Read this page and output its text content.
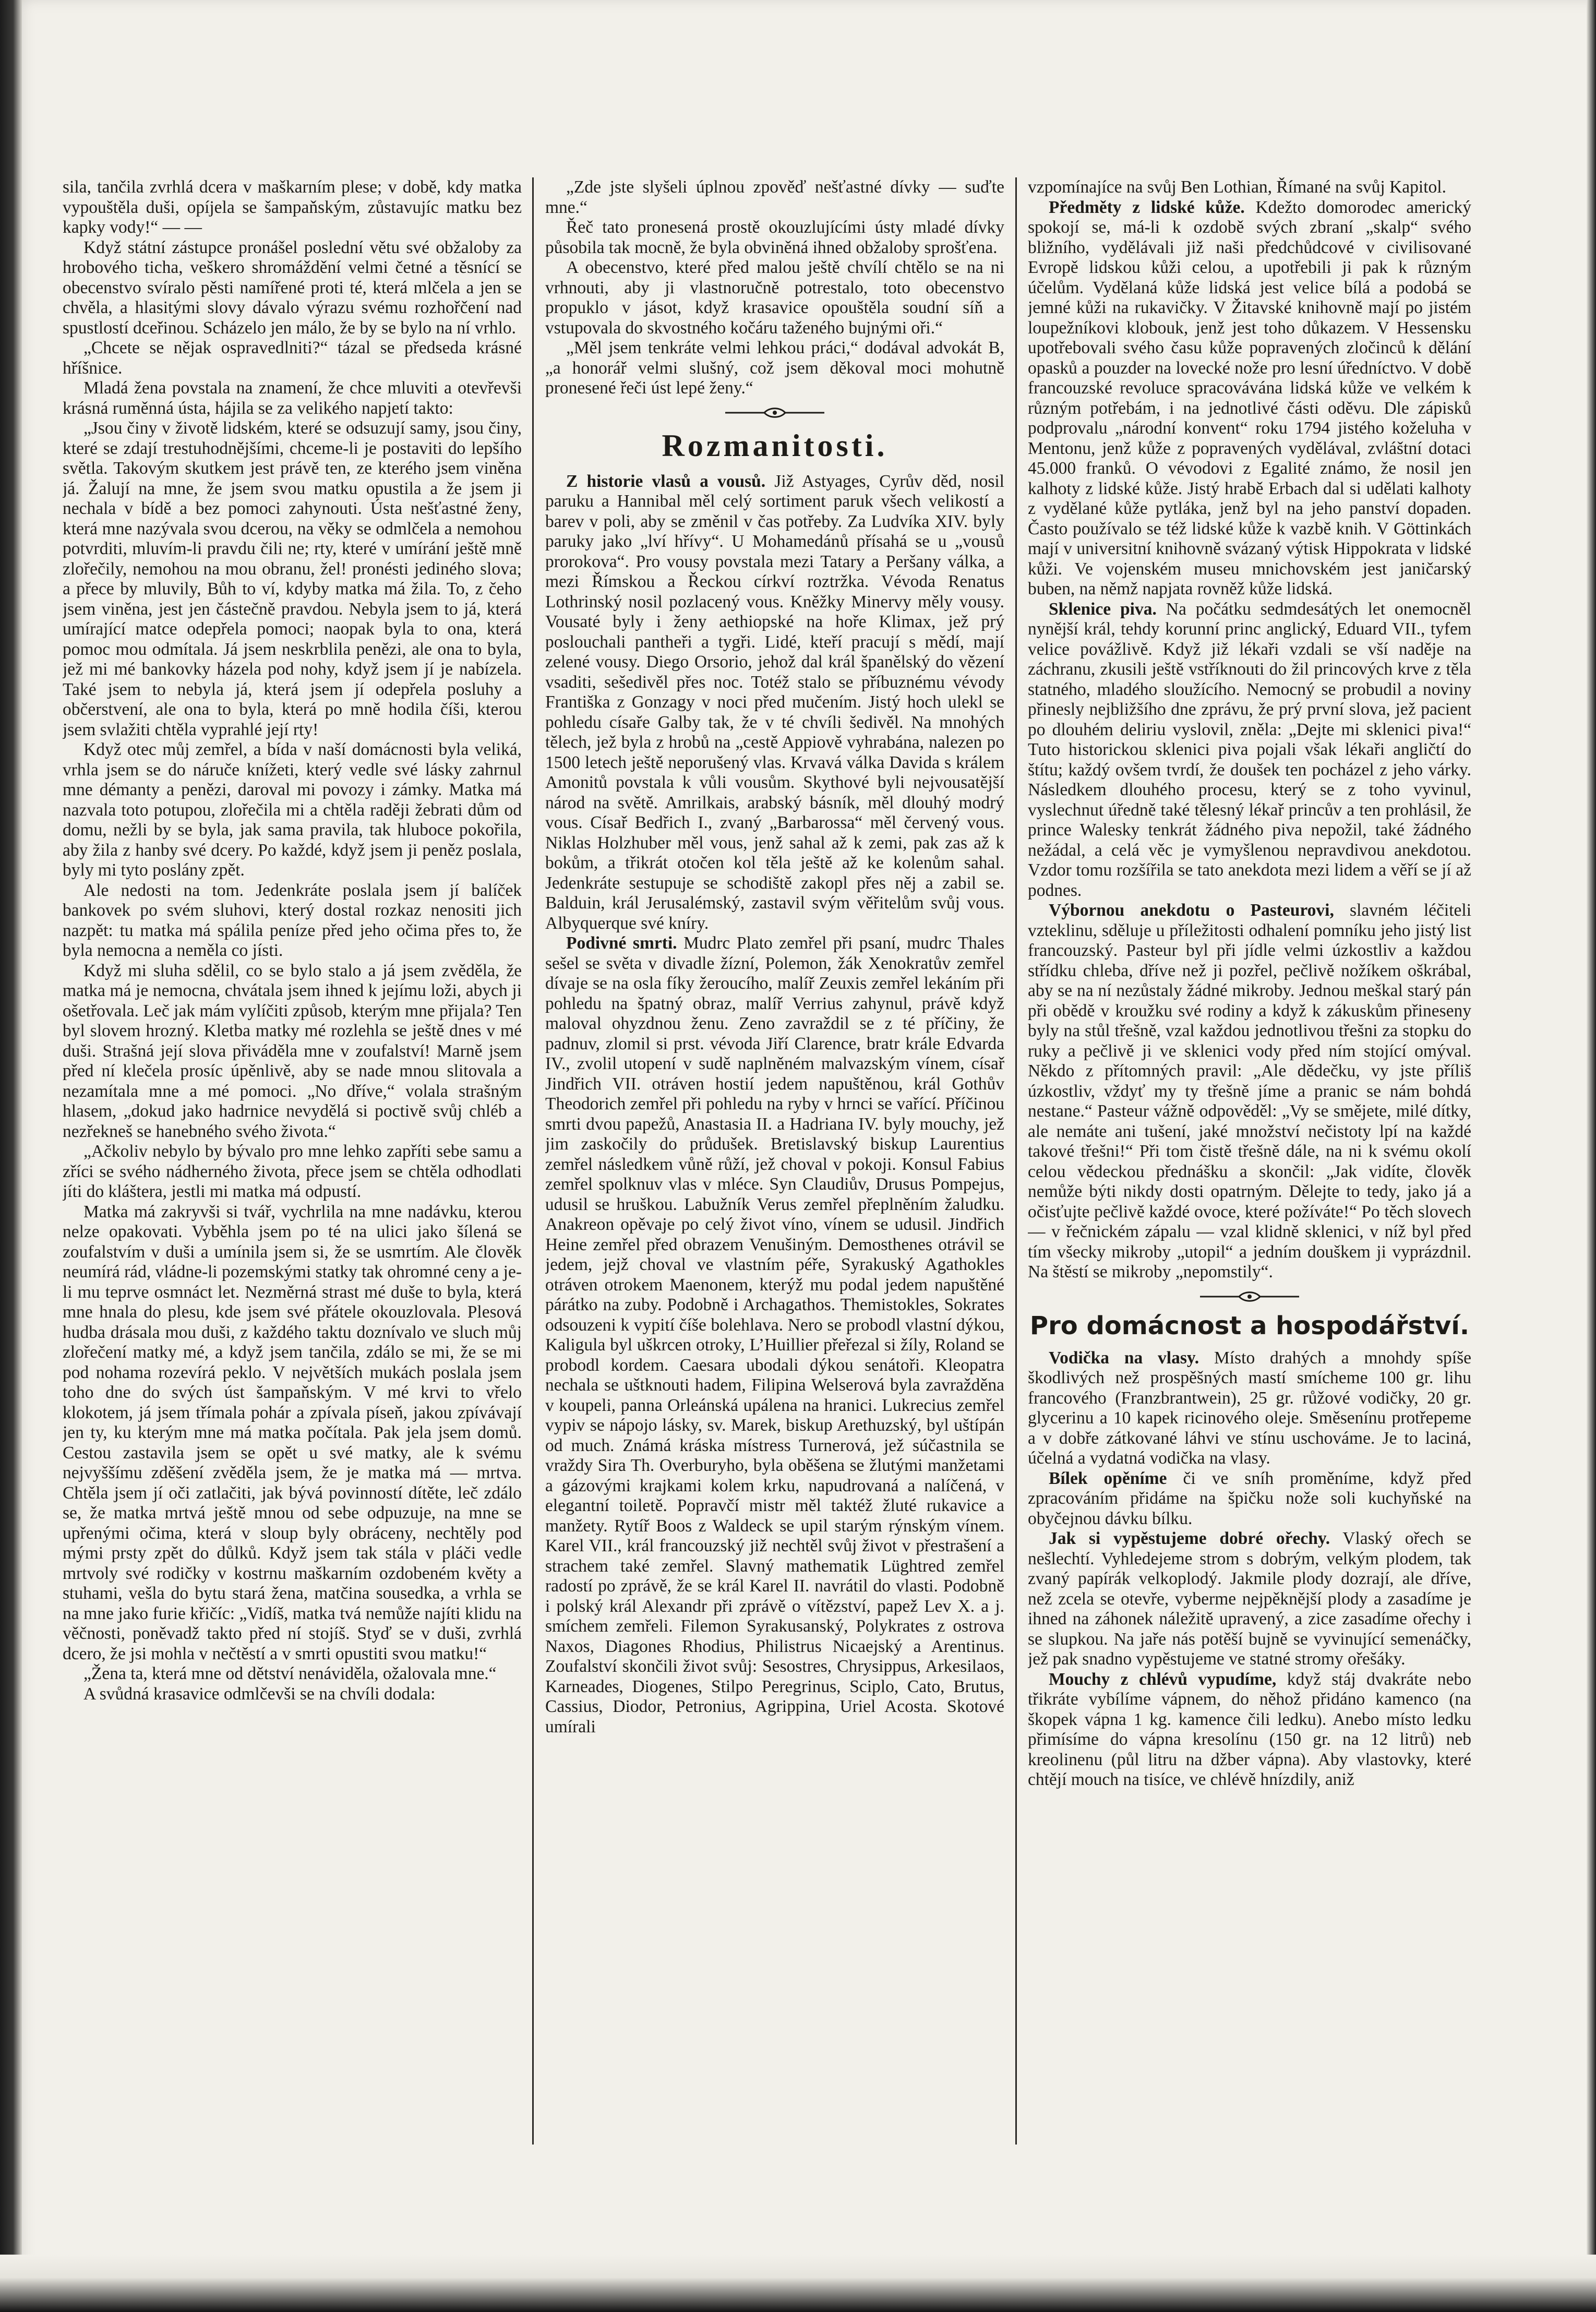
sila, tančila zvrhlá dcera v maškarním plese; v době, kdy matka vypouštěla duši, opíjela se šampaňským, zůstavujíc matku bez kapky vody!“ — —

Když státní zástupce pronášel poslední větu své obžaloby za hrobového ticha, veškero shromáždění velmi četné a těsnící se obecenstvo svíralo pěsti namířené proti té, která mlčela a jen se chvěla, a hlasitými slovy dávalo výrazu svému rozhořčení nad spustlostí dceřinou. Scházelo jen málo, že by se bylo na ní vrhlo.

„Chcete se nějak ospravedlniti?“ tázal se předseda krásné hříšnice.

Mladá žena povstala na znamení, že chce mluviti a otevřevši krásná ruměnná ústa, hájila se za velikého napjetí takto:

„Jsou činy v životě lidském, které se odsuzují samy, jsou činy, které se zdají trestuhodnějšími, chceme-li je postaviti do lepšího světla. Takovým skutkem jest právě ten, ze kterého jsem viněna já. Žalují na mne, že jsem svou matku opustila a že jsem ji nechala v bídě a bez pomoci zahynouti. Ústa nešťastné ženy, která mne nazývala svou dcerou, na věky se odmlčela a nemohou potvrditi, mluvím-li pravdu čili ne; rty, které v umírání ještě mně zlořečily, nemohou na mou obranu, žel! pronésti jediného slova; a přece by mluvily, Bůh to ví, kdyby matka má žila. To, z čeho jsem viněna, jest jen částečně pravdou. Nebyla jsem to já, která umírající matce odepřela pomoci; naopak byla to ona, která pomoc mou odmítala. Já jsem neskrblila penězi, ale ona to byla, jež mi mé bankovky házela pod nohy, když jsem jí je nabízela. Také jsem to nebyla já, která jsem jí odepřela posluhy a občerstvení, ale ona to byla, která po mně hodila číši, kterou jsem svlažiti chtěla vyprahlé její rty!

Když otec můj zemřel, a bída v naší domácnosti byla veliká, vrhla jsem se do náruče knížeti, který vedle své lásky zahrnul mne démanty a penězi, daroval mi povozy i zámky. Matka má nazvala toto potupou, zlořečila mi a chtěla raději žebrati dům od domu, nežli by se byla, jak sama pravila, tak hluboce pokořila, aby žila z hanby své dcery. Po každé, když jsem ji peněz poslala, byly mi tyto poslány zpět.

Ale nedosti na tom. Jedenkráte poslala jsem jí balíček bankovek po svém sluhovi, který dostal rozkaz nenositi jich nazpět: tu matka má spálila peníze před jeho očima přes to, že byla nemocna a neměla co jísti.

Když mi sluha sdělil, co se bylo stalo a já jsem zvěděla, že matka má je nemocna, chvátala jsem ihned k jejímu loži, abych ji ošetřovala. Leč jak mám vylíčiti způsob, kterým mne přijala? Ten byl slovem hrozný. Kletba matky mé rozlehla se ještě dnes v mé duši. Strašná její slova přiváděla mne v zoufalství! Marně jsem před ní klečela prosíc úpěnlivě, aby se nade mnou slitovala a nezamítala mne a mé pomoci. „No dříve,“ volala strašným hlasem, „dokud jako hadrnice nevydělá si poctivě svůj chléb a nezřekneš se hanebného svého života.“

„Ačkoliv nebylo by bývalo pro mne lehko zapříti sebe samu a zříci se svého nádherného života, přece jsem se chtěla odhodlati jíti do kláštera, jestli mi matka má odpustí.

Matka má zakryvši si tvář, vychrlila na mne nadávku, kterou nelze opakovati. Vyběhla jsem po té na ulici jako šílená se zoufalstvím v duši a umínila jsem si, že se usmrtím. Ale člověk neumírá rád, vládne-li pozemskými statky tak ohromné ceny a je-li mu teprve osmnáct let. Nezměrná strast mé duše to byla, která mne hnala do plesu, kde jsem své přátele okouzlovala. Plesová hudba drásala mou duši, z každého taktu doznívalo ve sluch můj zlořečení matky mé, a když jsem tančila, zdálo se mi, že se mi pod nohama rozevírá peklo. V největších mukách poslala jsem toho dne do svých úst šampaňským. V mé krvi to vřelo klokotem, já jsem třímala pohár a zpívala píseň, jakou zpívávají jen ty, ku kterým mne má matka počítala. Pak jela jsem domů. Cestou zastavila jsem se opět u své matky, ale k svému nejvyššímu zděšení zvěděla jsem, že je matka má — mrtva. Chtěla jsem jí oči zatlačiti, jak bývá povinností dítěte, leč zdálo se, že matka mrtvá ještě mnou od sebe odpuzuje, na mne se upřenými očima, která v sloup byly obráceny, nechtěly pod mými prsty zpět do důlků. Když jsem tak stála v pláči vedle mrtvoly své rodičky v kostrnu maškarním ozdobeném květy a stuhami, vešla do bytu stará žena, matčina sousedka, a vrhla se na mne jako furie křičíc: „Vidíš, matka tvá nemůže najíti klidu na věčnosti, poněvadž takto před ní stojíš. Styď se v duši, zvrhlá dcero, že jsi mohla v nečtěstí a v smrti opustiti svou matku!“

„Žena ta, která mne od dětství nenáviděla, ožalovala mne.“

A svůdná krasavice odmlčevši se na chvíli dodala:

„Zde jste slyšeli úplnou zpověď nešťastné dívky — suďte mne.“

Řeč tato pronesená prostě okouzlujícími ústy mladé dívky působila tak mocně, že byla obviněná ihned obžaloby sprošťena.

A obecenstvo, které před malou ještě chvílí chtělo se na ni vrhnouti, aby ji vlastnoručně potrestalo, toto obecenstvo propuklo v jásot, když krasavice opouštěla soudní síň a vstupovala do skvostného kočáru taženého bujnými oři.“

„Měl jsem tenkráte velmi lehkou práci,“ dodával advokát B, „a honorář velmi slušný, což jsem děkoval moci mohutně pronesené řeči úst lepé ženy.“

Rozmanitosti.

Z historie vlasů a vousů. Již Astyages, Cyrův děd, nosil paruku a Hannibal měl celý sortiment paruk všech velikostí a barev v poli, aby se změnil v čas potřeby. Za Ludvíka XIV. byly paruky jako „lví hřívy“. U Mohamedánů přísahá se u „vousů prorokova“. Pro vousy povstala mezi Tatary a Peršany válka, a mezi Římskou a Řeckou církví roztržka. Vévoda Renatus Lothrinský nosil pozlacený vous. Kněžky Minervy měly vousy. Vousaté byly i ženy aethiopské na hoře Klimax, jež prý poslouchali pantheři a tygři. Lidé, kteří pracují s mědí, mají zelené vousy. Diego Orsorio, jehož dal král španělský do vězení vsaditi, sešedivěl přes noc. Totéž stalo se příbuznému vévody Františka z Gonzagy v noci před mučením. Jistý hoch ulekl se pohledu císaře Galby tak, že v té chvíli šedivěl. Na mnohých tělech, jež byla z hrobů na „cestě Appiově vyhrabána, nalezen po 1500 letech ještě neporušený vlas. Krvavá válka Davida s králem Amonitů povstala k vůli vousům. Skythové byli nejvousatější národ na světě. Amrilkais, arabský básník, měl dlouhý modrý vous. Císař Bedřich I., zvaný „Barbarossa“ měl červený vous. Niklas Holzhuber měl vous, jenž sahal až k zemi, pak zas až k bokům, a třikrát otočen kol těla ještě až ke kolenům sahal. Jedenkráte sestupuje se schodiště zakopl přes něj a zabil se. Balduin, král Jerusalémský, zastavil svým věřitelům svůj vous. Albyquerque své kníry.

Podivné smrti. Mudrc Plato zemřel při psaní, mudrc Thales sešel se světa v divadle žízní, Polemon, žák Xenokratův zemřel dívaje se na osla fíky žeroucího, malíř Zeuxis zemřel lekáním při pohledu na špatný obraz, malíř Verrius zahynul, právě když maloval ohyzdnou ženu. Zeno zavraždil se z té příčiny, že padnuv, zlomil si prst. vévoda Jiří Clarence, bratr krále Edvarda IV., zvolil utopení v sudě naplněném malvazským vínem, císař Jindřich VII. otráven hostií jedem napuštěnou, král Gothův Theodorich zemřel při pohledu na ryby v hrnci se vařící. Příčinou smrti dvou papežů, Anastasia II. a Hadriana IV. byly mouchy, jež jim zaskočily do průdušek. Bretislavský biskup Laurentius zemřel následkem vůně růží, jež choval v pokoji. Konsul Fabius zemřel spolknuv vlas v mléce. Syn Claudiův, Drusus Pompejus, udusil se hruškou. Labužník Verus zemřel přeplněním žaludku. Anakreon opěvaje po celý život víno, vínem se udusil. Jindřich Heine zemřel před obrazem Venušiným. Demosthenes otrávil se jedem, jejž choval ve vlastním péře, Syrakuský Agathokles otráven otrokem Maenonem, kterýž mu podal jedem napuštěné párátko na zuby. Podobně i Archagathos. Themistokles, Sokrates odsouzeni k vypití číše bolehlava. Nero se probodl vlastní dýkou, Kaligula byl uškrcen otroky, L’Huillier přeřezal si žíly, Roland se probodl kordem. Caesara ubodali dýkou senátoři. Kleopatra nechala se uštknouti hadem, Filipina Welserová byla zavražděna v koupeli, panna Orleánská upálena na hranici. Lukrecius zemřel vypiv se nápojo lásky, sv. Marek, biskup Arethuzský, byl uštípán od much. Známá kráska místress Turnerová, jež súčastnila se vraždy Sira Th. Overburyho, byla oběšena se žlutými manžetami a gázovými krajkami kolem krku, napudrovaná a nalíčená, v elegantní toiletě. Popravčí mistr měl taktéž žluté rukavice a manžety. Rytíř Boos z Waldeck se upil starým rýnským vínem. Karel VII., král francouzský již nechtěl svůj život v přestrašení a strachem také zemřel. Slavný mathematik Lüghtred zemřel radostí po zprávě, že se král Karel II. navrátil do vlasti. Podobně i polský král Alexandr při zprávě o vítězství, papež Lev X. a j. smíchem zemřeli. Filemon Syrakusanský, Polykrates z ostrova Naxos, Diagones Rhodius, Philistrus Nicaejský a Arentinus. Zoufalství skončili život svůj: Sesostres, Chrysippus, Arkesilaos, Karneades, Diogenes, Stilpo Peregrinus, Sciplo, Cato, Brutus, Cassius, Diodor, Petronius, Agrippina, Uriel Acosta. Skotové umírali

vzpomínajíce na svůj Ben Lothian, Římané na svůj Kapitol.

Předměty z lidské kůže. Kdežto domorodec americký spokojí se, má-li k ozdobě svých zbraní „skalp“ svého bližního, vydělávali již naši předchůdcové v civilisované Evropě lidskou kůži celou, a upotřebili ji pak k různým účelům. Vydělaná kůže lidská jest velice bílá a podobá se jemné kůži na rukavičky. V Žitavské knihovně mají po jistém loupežníkovi klobouk, jenž jest toho důkazem. V Hessensku upotřebovali svého času kůže popravených zločinců k dělání opasků a pouzder na lovecké nože pro lesní úředníctvo. V době francouzské revoluce spracovávána lidská kůže ve velkém k různým potřebám, i na jednotlivé části oděvu. Dle zápisků podprovalu „národní konvent“ roku 1794 jistého koželuha v Mentonu, jenž kůže z popravených vydělával, zvláštní dotaci 45.000 franků. O vévodovi z Egalité známo, že nosil jen kalhoty z lidské kůže. Jistý hrabě Erbach dal si udělati kalhoty z vydělané kůže pytláka, jenž byl na jeho panství dopaden. Často používalo se též lidské kůže k vazbě knih. V Göttinkách mají v universitní knihovně svázaný výtisk Hippokrata v lidské kůži. Ve vojenském museu mnichovském jest janičarský buben, na němž napjata rovněž kůže lidská.

Sklenice piva. Na počátku sedmdesátých let onemocněl nynější král, tehdy korunní princ anglický, Eduard VII., tyfem velice povážlivě. Když již lékaři vzdali se vší naděje na záchranu, zkusili ještě vstříknouti do žil princových krve z těla statného, mladého sloužícího. Nemocný se probudil a noviny přinesly nejbližšího dne zprávu, že prý první slova, jež pacient po dlouhém deliriu vyslovil, zněla: „Dejte mi sklenici piva!“ Tuto historickou sklenici piva pojali však lékaři angličtí do štítu; každý ovšem tvrdí, že doušek ten pocházel z jeho várky. Následkem dlouhého procesu, který se z toho vyvinul, vyslechnut úředně také tělesný lékař princův a ten prohlásil, že prince Walesky tenkrát žádného piva nepožil, také žádného nežádal, a celá věc je vymyšlenou nepravdivou anekdotou. Vzdor tomu rozšířila se tato anekdota mezi lidem a věří se jí až podnes.

Výbornou anekdotu o Pasteurovi, slavném léčiteli vzteklinu, sděluje u příležitosti odhalení pomníku jeho jistý list francouzský. Pasteur byl při jídle velmi úzkostliv a každou střídku chleba, dříve než ji pozřel, pečlivě nožíkem oškrábal, aby se na ní nezůstaly žádné mikroby. Jednou meškal starý pán při obědě v kroužku své rodiny a když k zákuskům přineseny byly na stůl třešně, vzal každou jednotlivou třešni za stopku do ruky a pečlivě ji ve sklenici vody před ním stojící omýval. Někdo z přítomných pravil: „Ale dědečku, vy jste příliš úzkostliv, vždyť my ty třešně jíme a pranic se nám bohdá nestane.“ Pasteur vážně odpověděl: „Vy se smějete, milé dítky, ale nemáte ani tušení, jaké množství nečistoty lpí na každé takové třešni!“ Při tom čistě třešně dále, na ni k svému okolí celou vědeckou přednášku a skončil: „Jak vidíte, člověk nemůže býti nikdy dosti opatrným. Dělejte to tedy, jako já a očisťujte pečlivě každé ovoce, které požíváte!“ Po těch slovech — v řečnickém zápalu — vzal klidně sklenici, v níž byl před tím všecky mikroby „utopil“ a jedním douškem ji vyprázdnil. Na štěstí se mikroby „nepomstily“.

Pro domácnost a hospodářství.

Vodička na vlasy. Místo drahých a mnohdy spíše škodlivých než prospěšných mastí smícheme 100 gr. lihu francového (Franzbrantwein), 25 gr. růžové vodičky, 20 gr. glycerinu a 10 kapek ricinového oleje. Směsenínu protřepeme a v dobře zátkované láhvi ve stínu uschováme. Je to laciná, účelná a vydatná vodička na vlasy.

Bílek opěníme či ve sníh proměníme, když před zpracováním přidáme na špičku nože soli kuchyňské na obyčejnou dávku bílku.

Jak si vypěstujeme dobré ořechy. Vlaský ořech se nešlechtí. Vyhledejeme strom s dobrým, velkým plodem, tak zvaný papírák velkoplodý. Jakmile plody dozrají, ale dříve, než zcela se otevře, vyberme nejpěknější plody a zasadíme je ihned na záhonek náležitě upravený, a zice zasadíme ořechy i se slupkou. Na jaře nás potěší bujně se vyvinující semenáčky, jež pak snadno vypěstujeme ve statné stromy ořešáky.

Mouchy z chlévů vypudíme, když stáj dvakráte nebo třikráte vybílíme vápnem, do něhož přidáno kamenco (na škopek vápna 1 kg. kamence čili ledku). Anebo místo ledku přimísíme do vápna kresolínu (150 gr. na 12 litrů) neb kreolinenu (půl litru na džber vápna). Aby vlastovky, které chtějí mouch na tisíce, ve chlévě hnízdily, aniž
